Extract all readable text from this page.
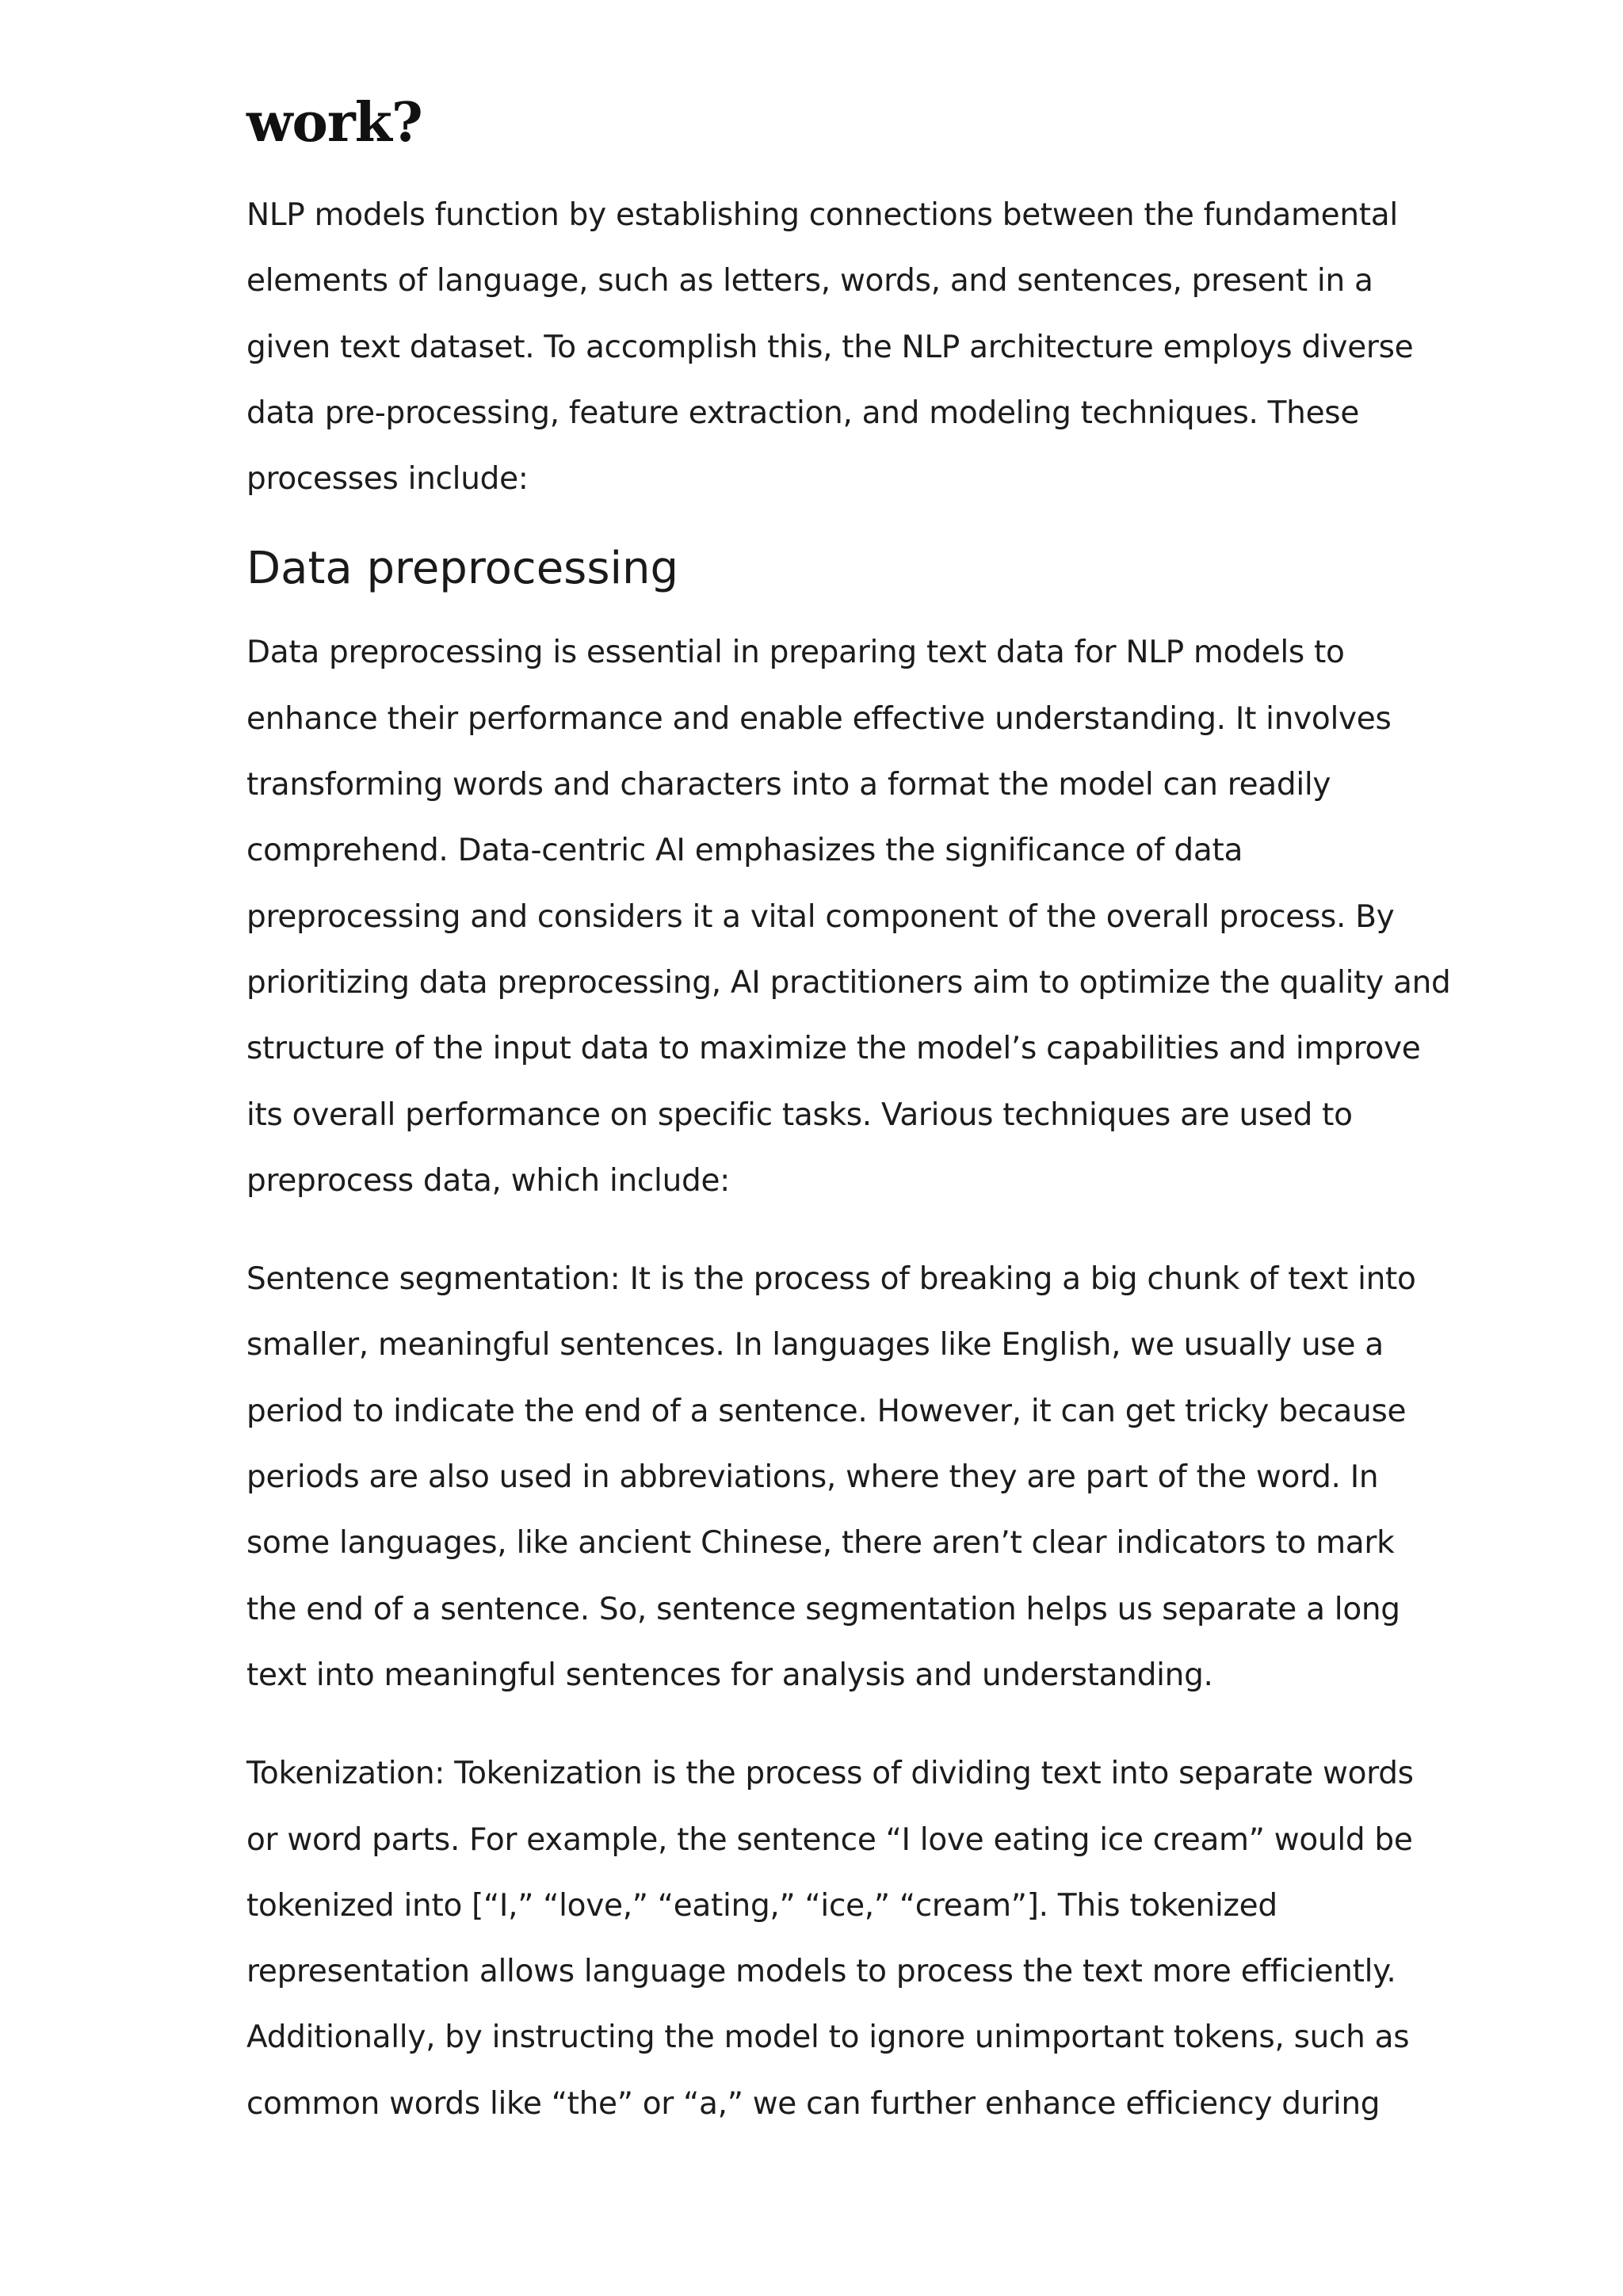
work?

NLP models function by establishing connections between the fundamental elements of language, such as letters, words, and sentences, present in a given text dataset. To accomplish this, the NLP architecture employs diverse data pre-processing, feature extraction, and modeling techniques. These processes include:

Data preprocessing

Data preprocessing is essential in preparing text data for NLP models to enhance their performance and enable effective understanding. It involves transforming words and characters into a format the model can readily comprehend. Data-centric AI emphasizes the significance of data preprocessing and considers it a vital component of the overall process. By prioritizing data preprocessing, AI practitioners aim to optimize the quality and structure of the input data to maximize the model’s capabilities and improve its overall performance on specific tasks. Various techniques are used to preprocess data, which include:

Sentence segmentation: It is the process of breaking a big chunk of text into smaller, meaningful sentences. In languages like English, we usually use a period to indicate the end of a sentence. However, it can get tricky because periods are also used in abbreviations, where they are part of the word. In some languages, like ancient Chinese, there aren’t clear indicators to mark the end of a sentence. So, sentence segmentation helps us separate a long text into meaningful sentences for analysis and understanding.

Tokenization: Tokenization is the process of dividing text into separate words or word parts. For example, the sentence “I love eating ice cream” would be tokenized into [“I,” “love,” “eating,” “ice,” “cream”]. This tokenized representation allows language models to process the text more efficiently. Additionally, by instructing the model to ignore unimportant tokens, such as common words like “the” or “a,” we can further enhance efficiency during
